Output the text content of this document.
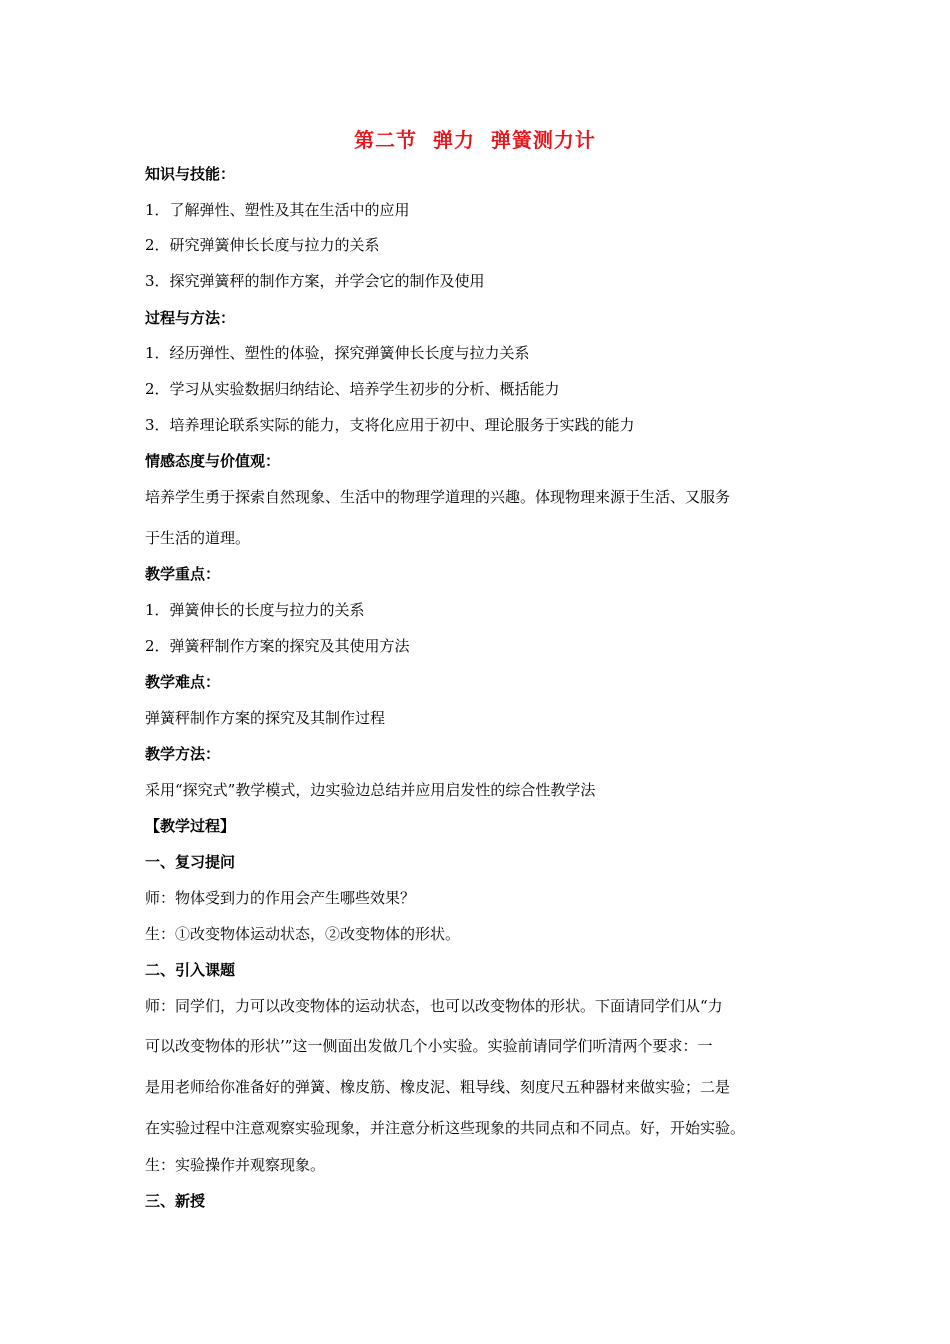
第二节  弹力  弹簧测力计
知识与技能：
1．了解弹性、塑性及其在生活中的应用
2．研究弹簧伸长长度与拉力的关系
3．探究弹簧秤的制作方案，并学会它的制作及使用
过程与方法：
1．经历弹性、塑性的体验，探究弹簧伸长长度与拉力关系
2．学习从实验数据归纳结论、培养学生初步的分析、概括能力
3．培养理论联系实际的能力，支将化应用于初中、理论服务于实践的能力
情感态度与价值观：
培养学生勇于探索自然现象、生活中的物理学道理的兴趣。体现物理来源于生活、又服务
于生活的道理。
教学重点：
1．弹簧伸长的长度与拉力的关系
2．弹簧秤制作方案的探究及其使用方法
教学难点：
弹簧秤制作方案的探究及其制作过程
教学方法：
采用“探究式”教学模式，边实验边总结并应用启发性的综合性教学法
【教学过程】
一、复习提问
师：物体受到力的作用会产生哪些效果？
生：①改变物体运动状态，②改变物体的形状。
二、引入课题
师：同学们，力可以改变物体的运动状态，也可以改变物体的形状。下面请同学们从“力
可以改变物体的形状’”这一侧面出发做几个小实验。实验前请同学们听清两个要求：一
是用老师给你准备好的弹簧、橡皮筋、橡皮泥、粗导线、刻度尺五种器材来做实验；二是
在实验过程中注意观察实验现象，并注意分析这些现象的共同点和不同点。好，开始实验。
生：实验操作并观察现象。
三、新授
